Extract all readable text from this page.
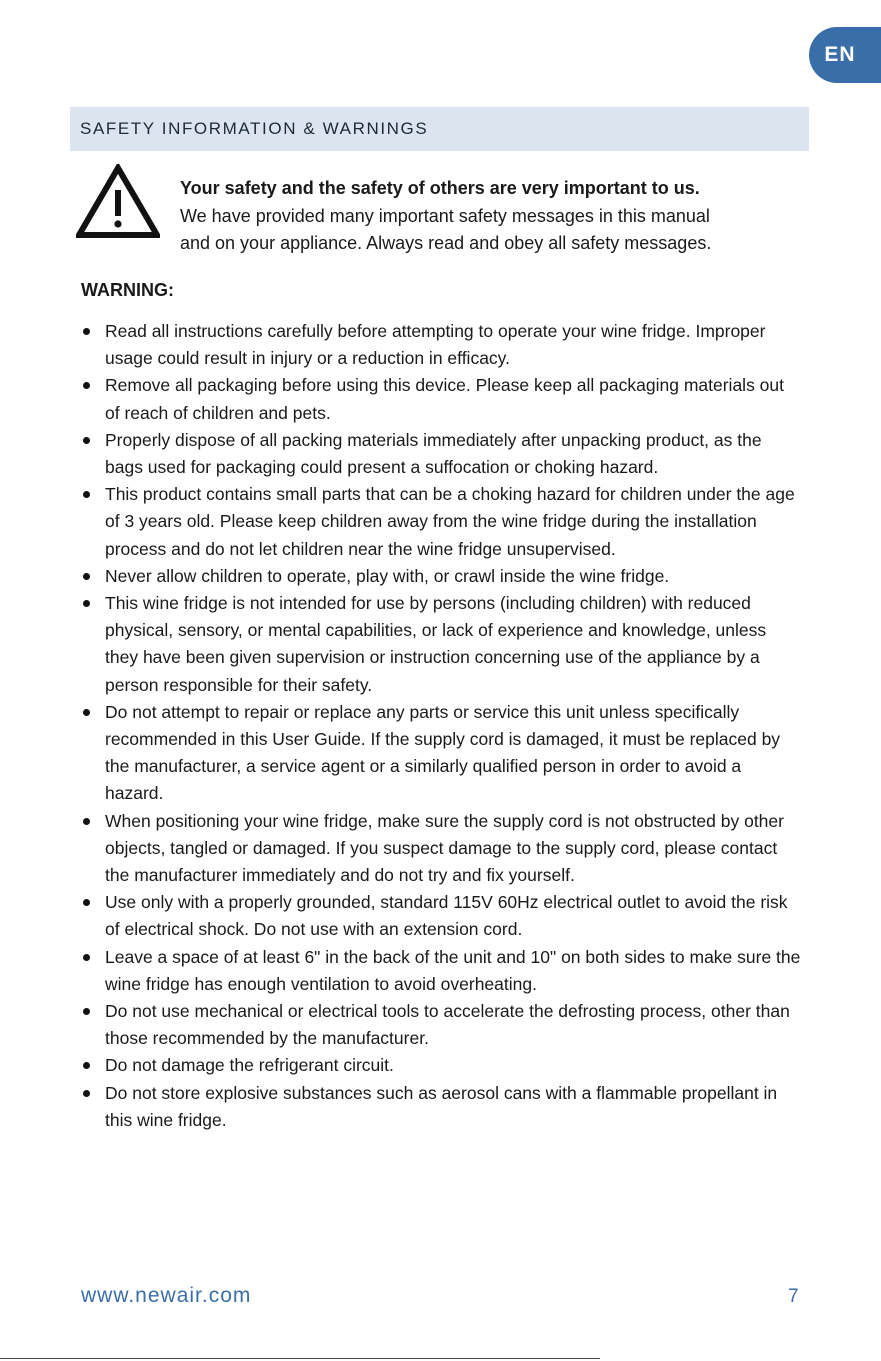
EN
SAFETY INFORMATION & WARNINGS

Your safety and the safety of others are very important to us.

We have provided many important safety messages in this manual

and on your appliance. Always read and obey all safety messages.

WARNING:
Read all instructions carefully before attempting to operate your wine fridge. Improper usage could result in injury or a reduction in efficacy.
Remove all packaging before using this device. Please keep all packaging materials out of reach of children and pets.
Properly dispose of all packing materials immediately after unpacking product, as the bags used for packaging could present a suffocation or choking hazard.
This product contains small parts that can be a choking hazard for children under the age of 3 years old. Please keep children away from the wine fridge during the installation process and do not let children near the wine fridge unsupervised.
Never allow children to operate, play with, or crawl inside the wine fridge.
This wine fridge is not intended for use by persons (including children) with reduced physical, sensory, or mental capabilities, or lack of experience and knowledge, unless they have been given supervision or instruction concerning use of the appliance by a person responsible for their safety.
Do not attempt to repair or replace any parts or service this unit unless specifically recommended in this User Guide. If the supply cord is damaged, it must be replaced by the manufacturer, a service agent or a similarly qualified person in order to avoid a hazard.
When positioning your wine fridge, make sure the supply cord is not obstructed by other objects, tangled or damaged. If you suspect damage to the supply cord, please contact the manufacturer immediately and do not try and fix yourself.
Use only with a properly grounded, standard 115V 60Hz electrical outlet to avoid the risk of electrical shock. Do not use with an extension cord.
Leave a space of at least 6" in the back of the unit and 10" on both sides to make sure the wine fridge has enough ventilation to avoid overheating.
Do not use mechanical or electrical tools to accelerate the defrosting process, other than those recommended by the manufacturer.
Do not damage the refrigerant circuit.
Do not store explosive substances such as aerosol cans with a flammable propellant in this wine fridge.
www.newair.com	7
